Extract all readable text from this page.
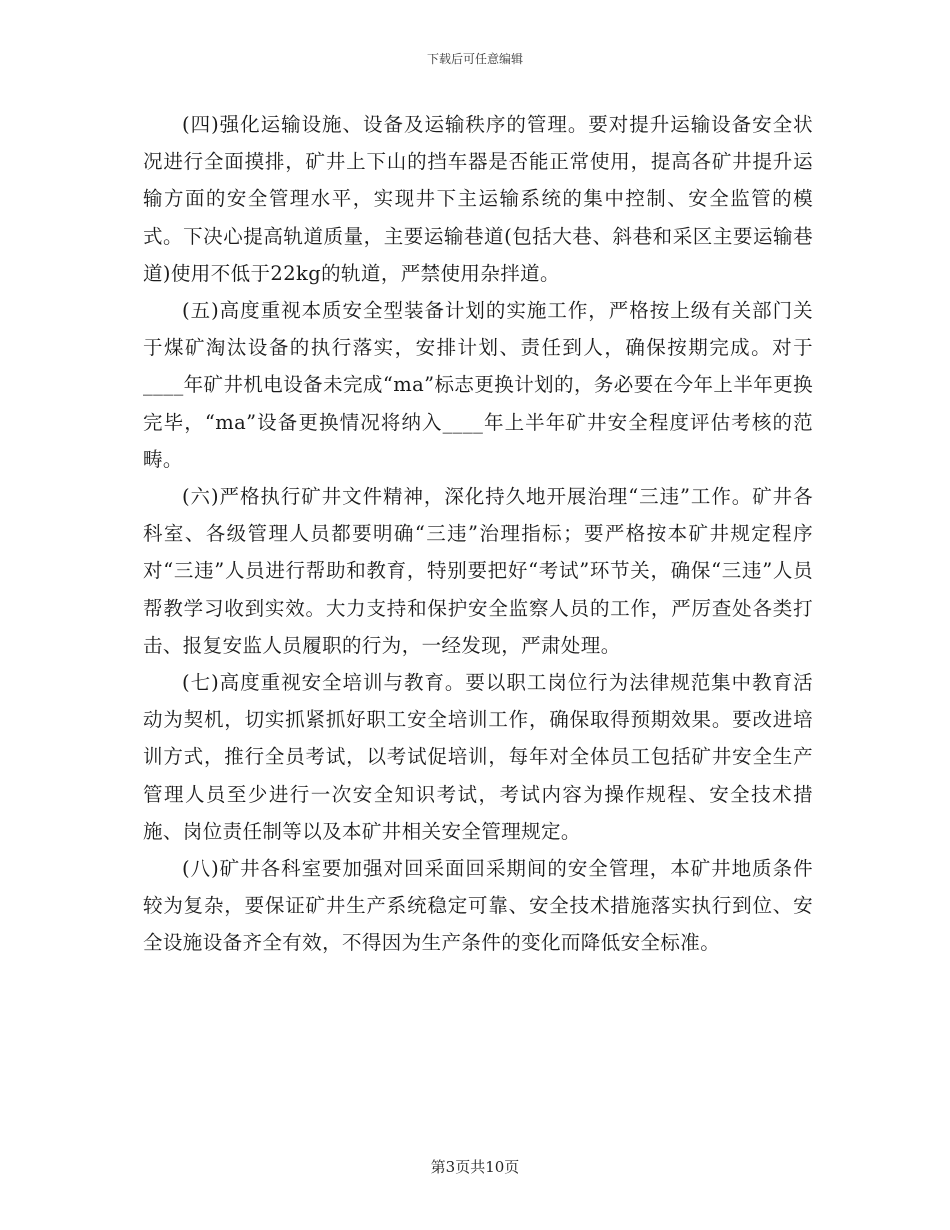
下载后可任意编辑

(四)强化运输设施、设备及运输秩序的管理。要对提升运输设备安全状况进行全面摸排，矿井上下山的挡车器是否能正常使用，提高各矿井提升运输方面的安全管理水平，实现井下主运输系统的集中控制、安全监管的模式。下决心提高轨道质量，主要运输巷道(包括大巷、斜巷和采区主要运输巷道)使用不低于22kg的轨道，严禁使用杂拌道。

(五)高度重视本质安全型装备计划的实施工作，严格按上级有关部门关于煤矿淘汰设备的执行落实，安排计划、责任到人，确保按期完成。对于____年矿井机电设备未完成“ma”标志更换计划的，务必要在今年上半年更换完毕，“ma”设备更换情况将纳入____年上半年矿井安全程度评估考核的范畴。

(六)严格执行矿井文件精神，深化持久地开展治理“三违”工作。矿井各科室、各级管理人员都要明确“三违”治理指标；要严格按本矿井规定程序对“三违”人员进行帮助和教育，特别要把好“考试”环节关，确保“三违”人员帮教学习收到实效。大力支持和保护安全监察人员的工作，严厉查处各类打击、报复安监人员履职的行为，一经发现，严肃处理。

(七)高度重视安全培训与教育。要以职工岗位行为法律规范集中教育活动为契机，切实抓紧抓好职工安全培训工作，确保取得预期效果。要改进培训方式，推行全员考试，以考试促培训，每年对全体员工包括矿井安全生产管理人员至少进行一次安全知识考试，考试内容为操作规程、安全技术措施、岗位责任制等以及本矿井相关安全管理规定。

(八)矿井各科室要加强对回采面回采期间的安全管理，本矿井地质条件较为复杂，要保证矿井生产系统稳定可靠、安全技术措施落实执行到位、安全设施设备齐全有效，不得因为生产条件的变化而降低安全标准。

第3页共10页
